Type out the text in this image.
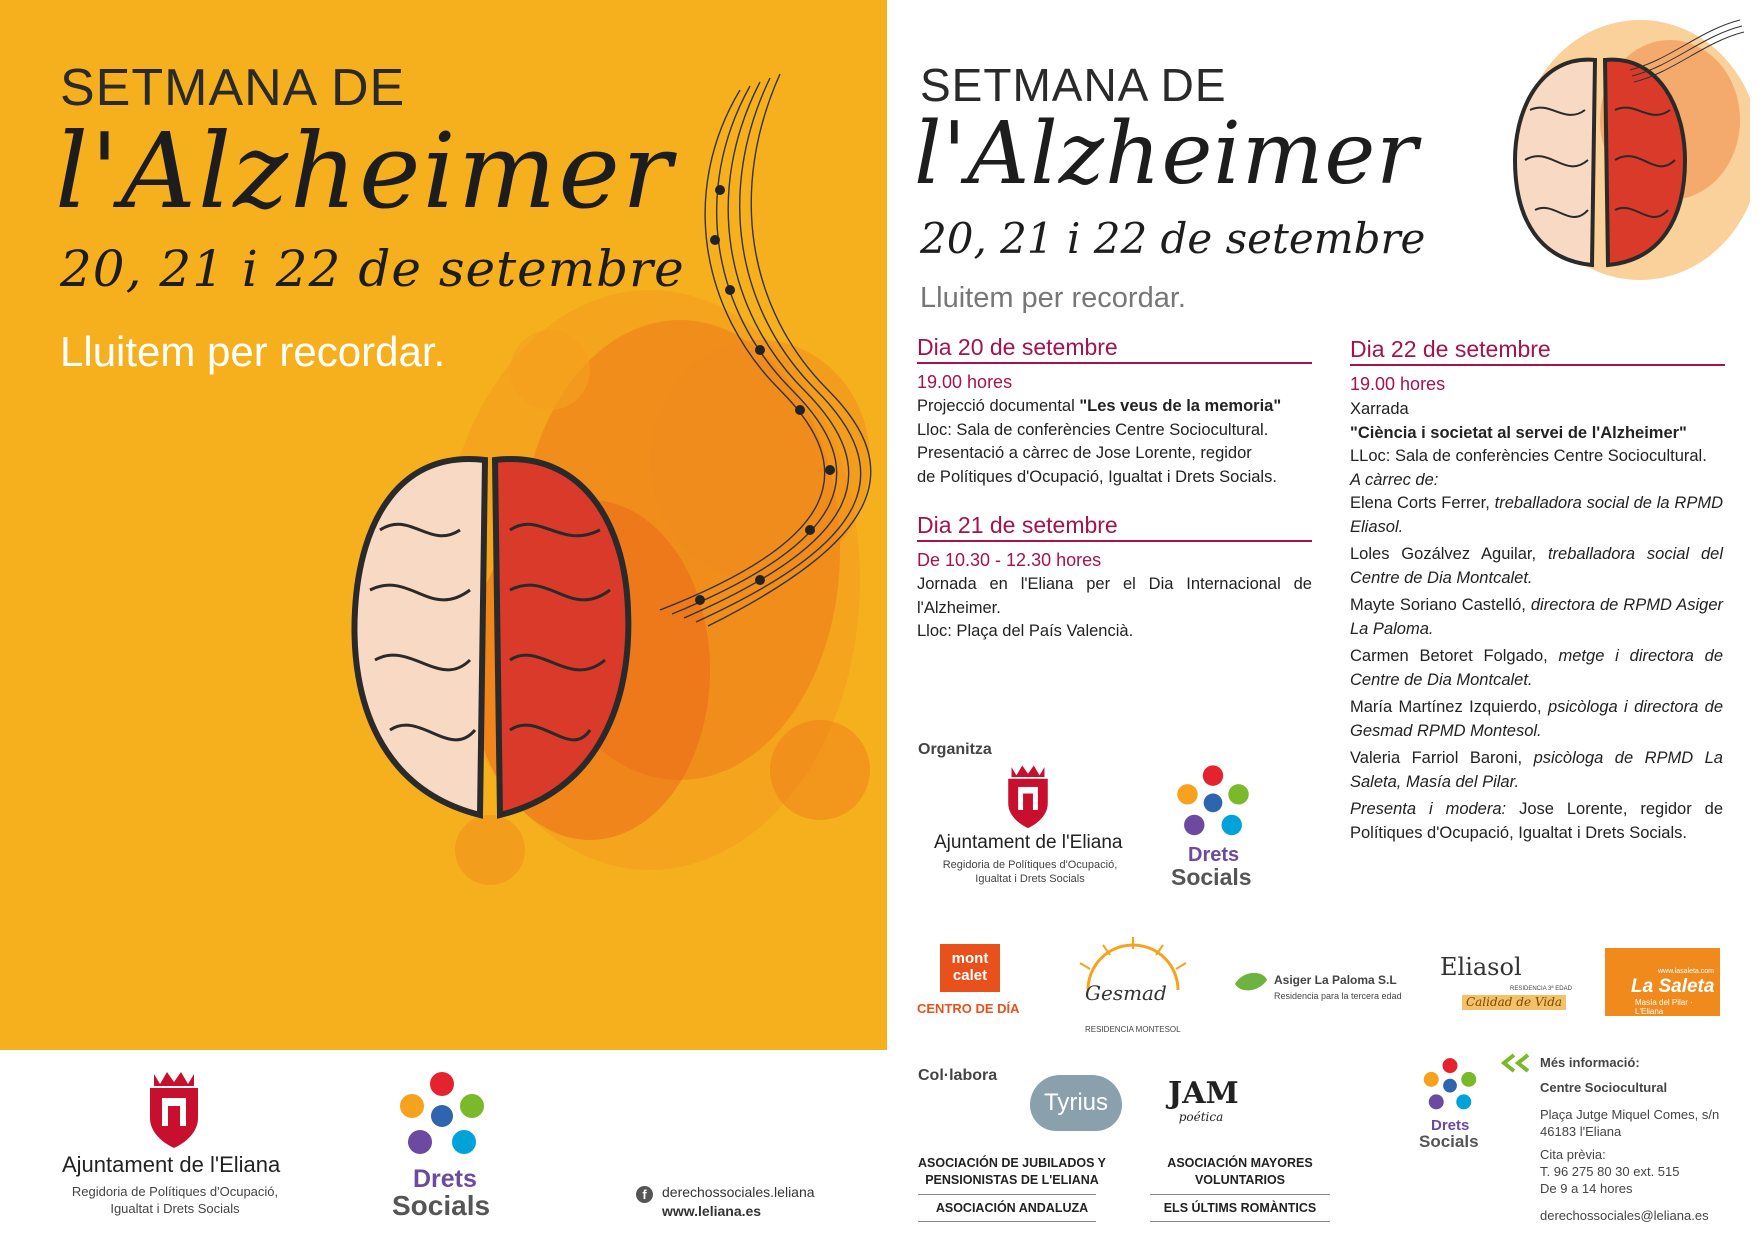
SETMANA DE
l'Alzheimer
20, 21 i 22 de setembre
Lluitem per recordar.
Ajuntament de l'Eliana
Regidoria de Polítiques d'Ocupació,
Igualtat i Drets Socials
Drets
Socials	f	derechossociales.leliana
www.leliana.es
SETMANA DE
l'Alzheimer
20, 21 i 22 de setembre
Lluitem per recordar.
Dia 20 de setembre
19.00 hores
Projecció documental "Les veus de la memoria"
Lloc: Sala de conferències Centre Sociocultural.
Presentació a càrrec de Jose Lorente, regidor
de Polítiques d'Ocupació, Igualtat i Drets Socials.
Dia 21 de setembre
De 10.30 - 12.30 hores
Jornada en l'Eliana per el Dia Internacional de l'Alzheimer.
Lloc: Plaça del País Valencià.
Dia 22 de setembre
19.00 hores
Xarrada
"Ciència i societat al servei de l'Alzheimer"
LLoc: Sala de conferències Centre Sociocultural.
A càrrec de:
Elena Corts Ferrer, treballadora social de la RPMD Eliasol.
Loles Gozálvez Aguilar, treballadora social del Centre de Dia Montcalet.
Mayte Soriano Castelló, directora de RPMD Asiger La Paloma.
Carmen Betoret Folgado, metge i directora de Centre de Dia Montcalet.
María Martínez Izquierdo, psicòloga i directora de Gesmad RPMD Montesol.
Valeria Farriol Baroni, psicòloga de RPMD La Saleta, Masía del Pilar.
Presenta i modera: Jose Lorente, regidor de Polítiques d'Ocupació, Igualtat i Drets Socials.
Organitza
Ajuntament de l'Eliana
Regidoria de Polítiques d'Ocupació,
Igualtat i Drets Socials
Drets
Socials
mont
calet
CENTRO DE DÍA
Gesmad
RESIDENCIA MONTESOL
Asiger La Paloma S.L
Residencia para la tercera edad
Eliasol
RESIDENCIA 3ª EDAD
Calidad de Vida
www.lasaleta.com
La Saleta
Masía del Pilar · L'Eliana
Col·labora
Tyrius	JAM
poética
ASOCIACIÓN DE JUBILADOS Y
PENSIONISTAS DE L'ELIANA
ASOCIACIÓN ANDALUZA
ASOCIACIÓN MAYORES
VOLUNTARIOS
ELS ÚLTIMS ROMÀNTICS
Drets
Socials
Més informació:
Centre Sociocultural
Plaça Jutge Miquel Comes, s/n
46183 l'Eliana
Cita prèvia:
T. 96 275 80 30 ext. 515
De 9 a 14 hores
derechossociales@leliana.es
